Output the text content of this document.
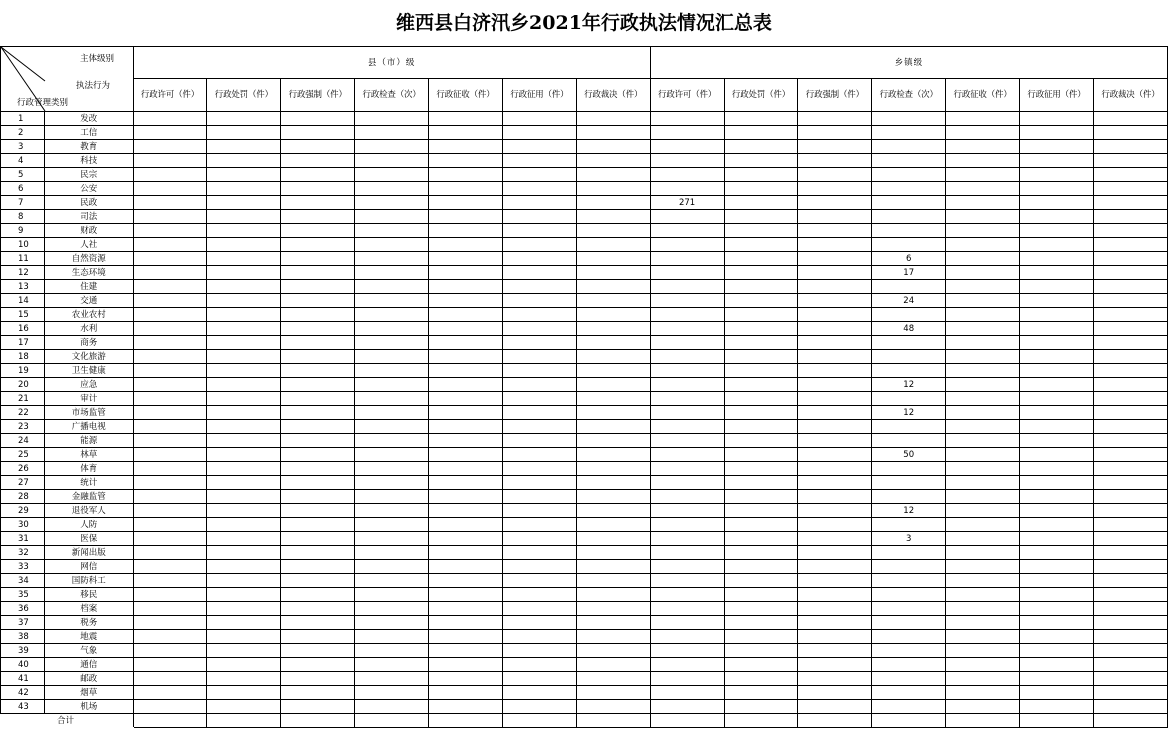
维西县白济汛乡2021年行政执法情况汇总表
主体级别
执法行为
行政管理类别		县（市）级							乡镇级						
		行政许可（件）	行政处罚（件）	行政强制（件）	行政检查（次）	行政征收（件）	行政征用（件）	行政裁决（件）	行政许可（件）	行政处罚（件）	行政强制（件）	行政检查（次）	行政征收（件）	行政征用（件）	行政裁决（件）
1	发改														
2	工信														
3	教育														
4	科技														
5	民宗														
6	公安														
7	民政								271						
8	司法														
9	财政														
10	人社														
11	自然资源											6			
12	生态环境											17			
13	住建														
14	交通											24			
15	农业农村														
16	水利											48			
17	商务														
18	文化旅游														
19	卫生健康														
20	应急											12			
21	审计														
22	市场监管											12			
23	广播电视														
24	能源														
25	林草											50			
26	体育														
27	统计														
28	金融监管														
29	退役军人											12			
30	人防														
31	医保											3			
32	新闻出版														
33	网信														
34	国防科工														
35	移民														
36	档案														
37	税务														
38	地震														
39	气象														
40	通信														
41	邮政														
42	烟草														
43	机场														
合计															
